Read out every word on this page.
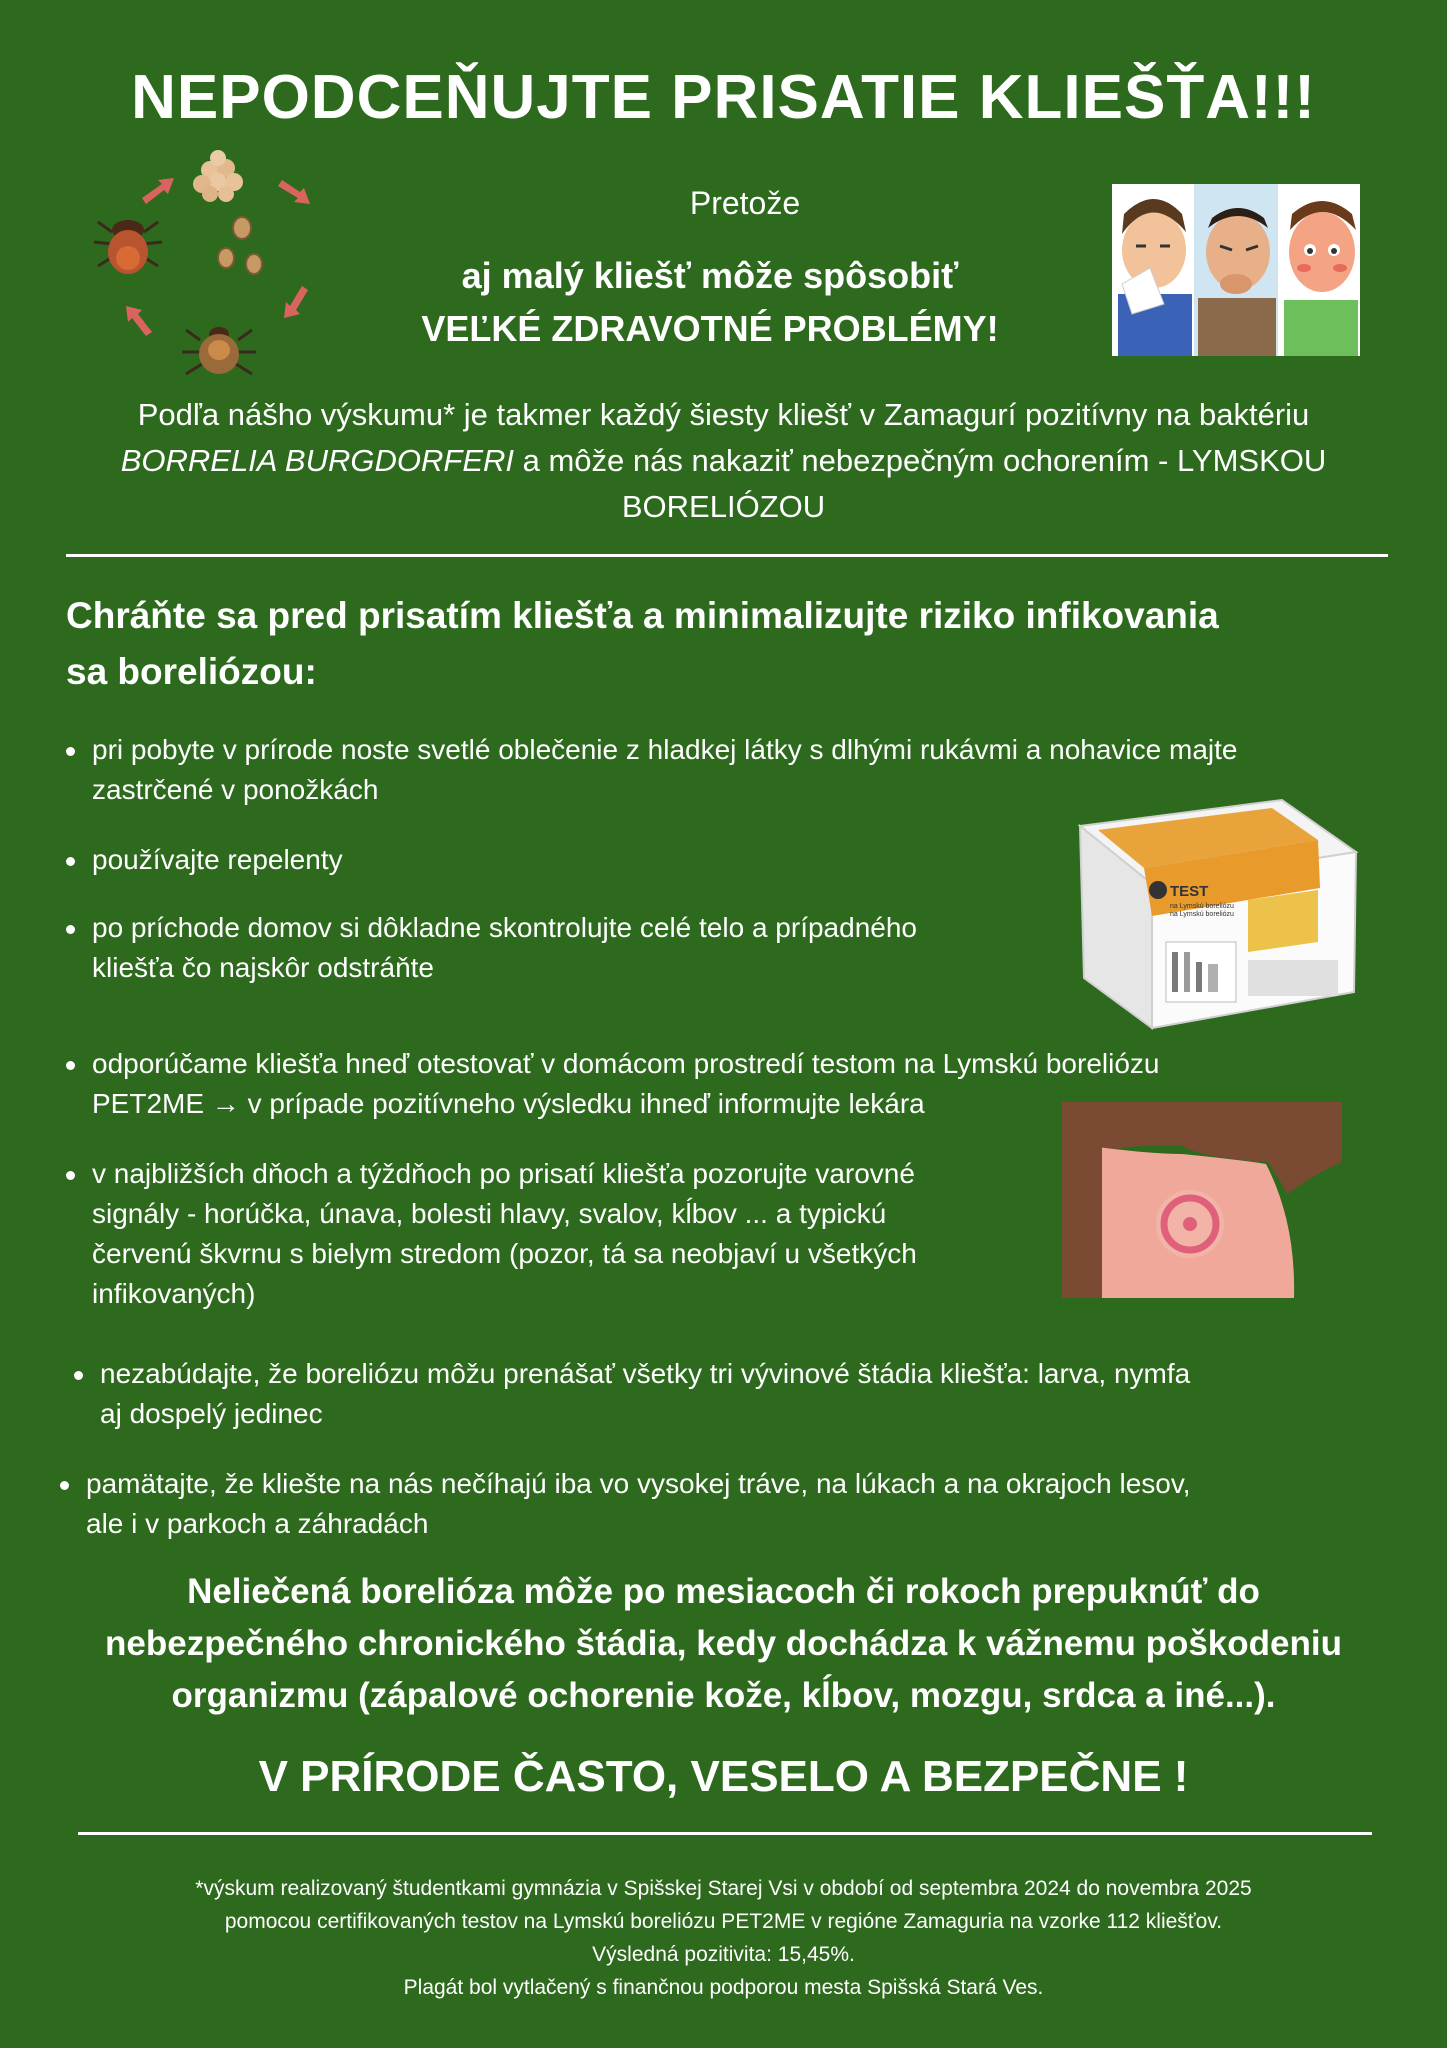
NEPODCEŇUJTE PRISATIE KLIEŠŤA!!!
Pretože
aj malý kliešť môže spôsobiť
VEĽKÉ ZDRAVOTNÉ PROBLÉMY!
Podľa nášho výskumu* je takmer každý šiesty kliešť v Zamagurí pozitívny na baktériu
BORRELIA BURGDORFERI a môže nás nakaziť nebezpečným ochorením - LYMSKOU
BORELIÓZOU
Chráňte sa pred prisatím kliešťa a minimalizujte riziko infikovania
sa boreliózou:
pri pobyte v prírode noste svetlé oblečenie z hladkej látky s dlhými rukávmi a nohavice majte
zastrčené v ponožkách
používajte repelenty
po príchode domov si dôkladne skontrolujte celé telo a prípadného
kliešťa čo najskôr odstráňte
odporúčame kliešťa hneď otestovať v domácom prostredí testom na Lymskú boreliózu
PET2ME → v prípade pozitívneho výsledku ihneď informujte lekára
v najbližších dňoch a týždňoch po prisatí kliešťa pozorujte varovné
signály - horúčka, únava, bolesti hlavy, svalov, kĺbov ... a typickú
červenú škvrnu s bielym stredom (pozor, tá sa neobjaví u všetkých
infikovaných)
nezabúdajte, že boreliózu môžu prenášať všetky tri vývinové štádia kliešťa: larva, nymfa
aj dospelý jedinec
pamätajte, že kliešte na nás nečíhajú iba vo vysokej tráve, na lúkach a na okrajoch lesov,
ale i v parkoch a záhradách
TEST
na Lymskú boreliózu
na Lymskú boreliózu
Neliečená borelióza môže po mesiacoch či rokoch prepuknúť do
nebezpečného chronického štádia, kedy dochádza k vážnemu poškodeniu
organizmu (zápalové ochorenie kože, kĺbov, mozgu, srdca a iné...).
V PRÍRODE ČASTO, VESELO A BEZPEČNE !
*výskum realizovaný študentkami gymnázia v Spišskej Starej Vsi v období od septembra 2024 do novembra 2025
pomocou certifikovaných testov na Lymskú boreliózu PET2ME v regióne Zamaguria na vzorke 112 kliešťov.
Výsledná pozitivita: 15,45%.
Plagát bol vytlačený s finančnou podporou mesta Spišská Stará Ves.
